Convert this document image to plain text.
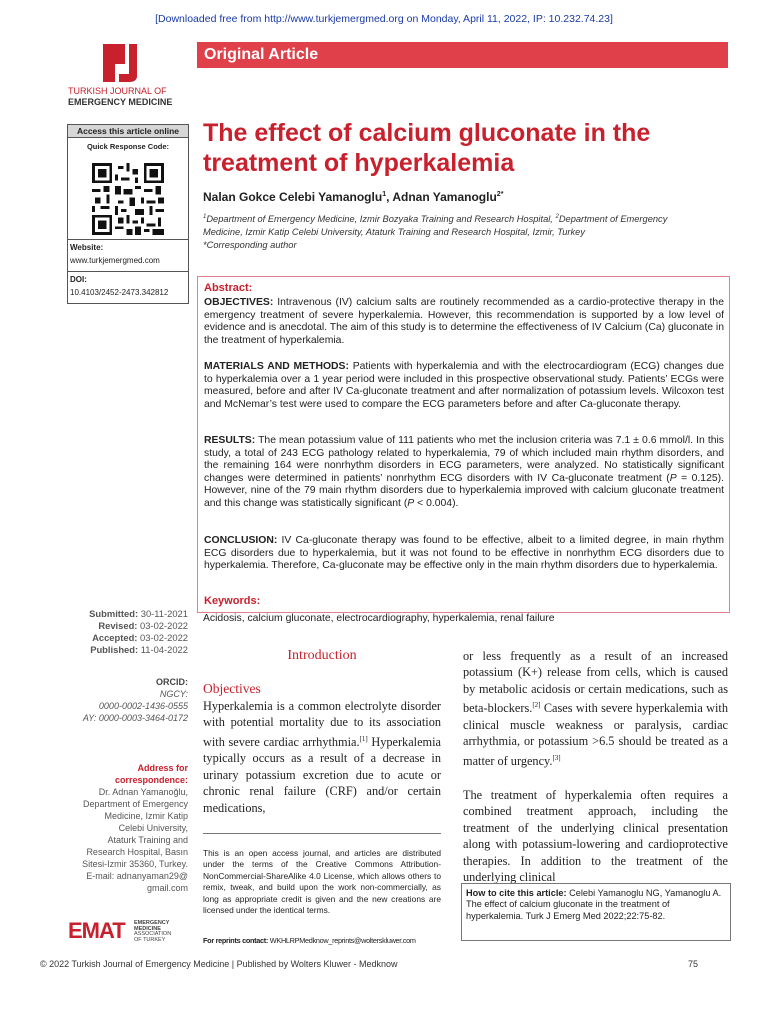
[Downloaded free from http://www.turkjemergmed.org on Monday, April 11, 2022, IP: 10.232.74.23]
TURKISH JOURNAL OF
EMERGENCY MEDICINE
Original Article
Access this article online
Quick Response Code:
Website:
www.turkjemergmed.com
DOI:
10.4103/2452-2473.342812
The effect of calcium gluconate in the treatment of hyperkalemia
Nalan Gokce Celebi Yamanoglu$^1$, Adnan Yamanoglu$^{2*}$
$^1$Department of Emergency Medicine, Izmir Bozyaka Training and Research Hospital, $^2$Department of Emergency Medicine, Izmir Katip Celebi University, Ataturk Training and Research Hospital, Izmir, Turkey
*Corresponding author
Abstract:
OBJECTIVES: Intravenous (IV) calcium salts are routinely recommended as a cardio-protective therapy in the emergency treatment of severe hyperkalemia. However, this recommendation is supported by a low level of evidence and is anecdotal. The aim of this study is to determine the effectiveness of IV Calcium (Ca) gluconate in the treatment of hyperkalemia.
MATERIALS AND METHODS: Patients with hyperkalemia and with the electrocardiogram (ECG) changes due to hyperkalemia over a 1 year period were included in this prospective observational study. Patients’ ECGs were measured, before and after IV Ca-gluconate treatment and after normalization of potassium levels. Wilcoxon test and McNemar’s test were used to compare the ECG parameters before and after Ca-gluconate therapy.
RESULTS: The mean potassium value of 111 patients who met the inclusion criteria was 7.1 ± 0.6 mmol/l. In this study, a total of 243 ECG pathology related to hyperkalemia, 79 of which included main rhythm disorders, and the remaining 164 were nonrhythm disorders in ECG parameters, were analyzed. No statistically significant changes were determined in patients’ nonrhythm ECG disorders with IV Ca-gluconate treatment (P = 0.125). However, nine of the 79 main rhythm disorders due to hyperkalemia improved with calcium gluconate treatment and this change was statistically significant (P < 0.004).
CONCLUSION: IV Ca-gluconate therapy was found to be effective, albeit to a limited degree, in main rhythm ECG disorders due to hyperkalemia, but it was not found to be effective in nonrhythm ECG disorders due to hyperkalemia. Therefore, Ca-gluconate may be effective only in the main rhythm disorders due to hyperkalemia.
Keywords:
Acidosis, calcium gluconate, electrocardiography, hyperkalemia, renal failure
Submitted: 30-11-2021
Revised: 03-02-2022
Accepted: 03-02-2022
Published: 11-04-2022
ORCID:
NGCY:
0000-0002-1436-0555
AY: 0000-0003-3464-0172
Address for
correspondence:
Dr. Adnan Yamanoğlu,
Department of Emergency
Medicine, Izmir Katip
Celebi University,
Ataturk Training and
Research Hospital, Basın
Sitesi-Izmir 35360, Turkey.
E-mail: adnanyaman29@
gmail.com
EMAT EMERGENCY
MEDICINE
ASSOCIATION
OF TURKEY
Introduction
Objectives
Hyperkalemia is a common electrolyte disorder with potential mortality due to its association with severe cardiac arrhythmia.[1] Hyperkalemia typically occurs as a result of a decrease in urinary potassium excretion due to acute or chronic renal failure (CRF) and/or certain medications,
or less frequently as a result of an increased potassium (K+) release from cells, which is caused by metabolic acidosis or certain medications, such as beta-blockers.[2] Cases with severe hyperkalemia with clinical muscle weakness or paralysis, cardiac arrhythmia, or potassium >6.5 should be treated as a matter of urgency.[3]
The treatment of hyperkalemia often requires a combined treatment approach, including the treatment of the underlying clinical presentation along with potassium-lowering and cardioprotective therapies. In addition to the treatment of the underlying clinical
This is an open access journal, and articles are distributed under the terms of the Creative Commons Attribution-NonCommercial-ShareAlike 4.0 License, which allows others to remix, tweak, and build upon the work non-commercially, as long as appropriate credit is given and the new creations are licensed under the identical terms.
For reprints contact: WKHLRPMedknow_reprints@wolterskluwer.com
How to cite this article: Celebi Yamanoglu NG, Yamanoglu A. The effect of calcium gluconate in the treatment of hyperkalemia. Turk J Emerg Med 2022;22:75-82.
© 2022 Turkish Journal of Emergency Medicine | Published by Wolters Kluwer - Medknow	75
